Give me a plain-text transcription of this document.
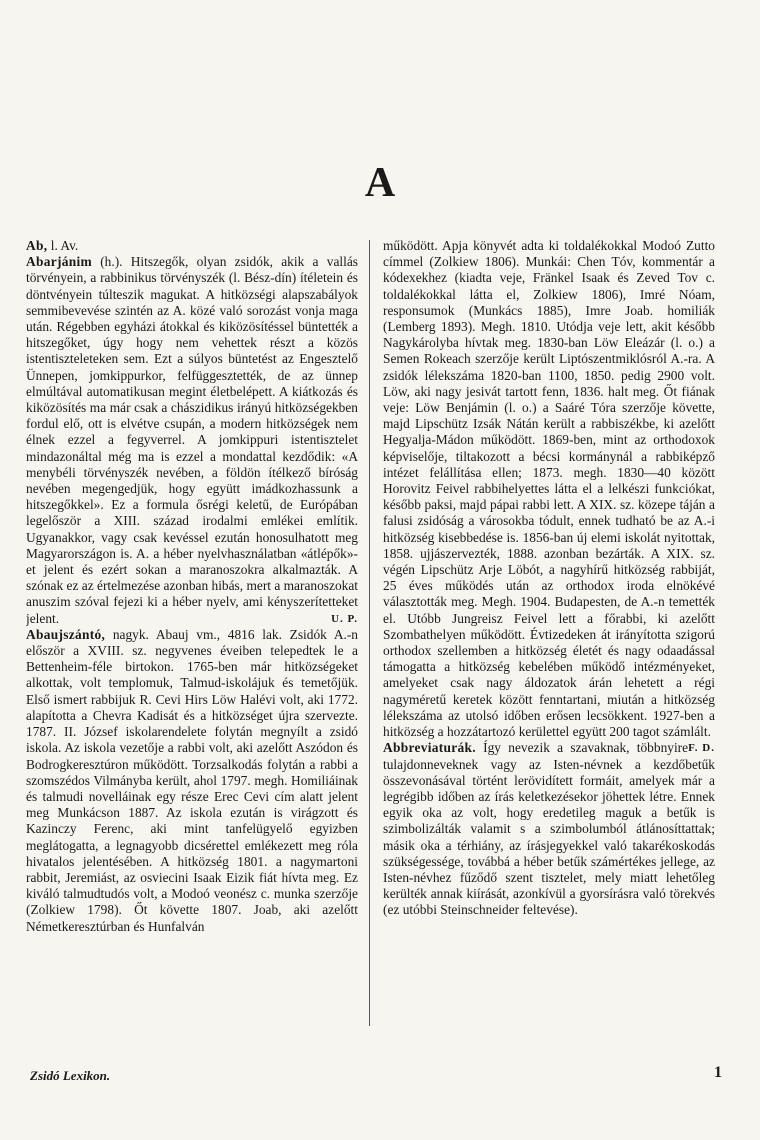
A

Ab, l. Av.

Abarjánim (h.). Hitszegők, olyan zsidók, akik a vallás törvényein, a rabbinikus törvényszék (l. Bész-dín) ítéletein és döntvényein túlteszik magukat. A hitközségi alapszabályok semmibevevése szintén az A. közé való sorozást vonja maga után. Régebben egyházi átokkal és kiközösítéssel büntették a hitszegőket, úgy hogy nem vehettek részt a közös istentiszteleteken sem. Ezt a súlyos büntetést az Engesztelő Ünnepen, jomkippurkor, felfüggesztették, de az ünnep elmúltával automatikusan megint életbelépett. A kiátkozás és kiközösítés ma már csak a chászidikus irányú hitközségekben fordul elő, ott is elvétve csupán, a modern hitközségek nem élnek ezzel a fegyverrel. A jomkippuri istentisztelet mindazonáltal még ma is ezzel a mondattal kezdődik: «A menybéli törvényszék nevében, a földön ítélkező bíróság nevében megengedjük, hogy együtt imádkozhassunk a hitszegőkkel». Ez a formula ősrégi keletű, de Európában legelőször a XIII. század irodalmi emlékei említik. Ugyanakkor, vagy csak kevéssel ezután honosulhatott meg Magyarországon is. A. a héber nyelvhasználatban «átlépők»-et jelent és ezért sokan a maranoszokra alkalmazták. A szónak ez az értelmezése azonban hibás, mert a maranoszokat anuszim szóval fejezi ki a héber nyelv, ami kényszerítetteket jelent.	U. P.

Abaujszántó, nagyk. Abauj vm., 4816 lak. Zsidók A.-n először a XVIII. sz. negyvenes éveiben telepedtek le a Bettenheim-féle birtokon. 1765-ben már hitközségeket alkottak, volt templomuk, Talmud-iskolájuk és temetőjük. Első ismert rabbijuk R. Cevi Hirs Löw Halévi volt, aki 1772. alapította a Chevra Kadisát és a hitközséget újra szervezte. 1787. II. József iskolarendelete folytán megnyílt a zsidó iskola. Az iskola vezetője a rabbi volt, aki azelőtt Aszódon és Bodrogkeresztúron működött. Torzsalkodás folytán a rabbi a szomszédos Vilmányba került, ahol 1797. megh. Homiliáinak és talmudi novelláinak egy része Erec Cevi cím alatt jelent meg Munkácson 1887. Az iskola ezután is virágzott és Kazinczy Ferenc, aki mint tanfelügyelő egyizben meglátogatta, a legnagyobb dicsérettel emlékezett meg róla hivatalos jelentésében. A hitközség 1801. a nagymartoni rabbit, Jeremiást, az osviecini Isaak Eizik fiát hívta meg. Ez kiváló talmudtudós volt, a Modoó veonész c. munka szerzője (Zolkiew 1798). Őt követte 1807. Joab, aki azelőtt Németkeresztúrban és Hunfalván

működött. Apja könyvét adta ki toldalékokkal Modoó Zutto címmel (Zolkiew 1806). Munkái: Chen Tóv, kommentár a kódexekhez (kiadta veje, Fränkel Isaak és Zeved Tov c. toldalékokkal látta el, Zolkiew 1806), Imré Nóam, responsumok (Munkács 1885), Imre Joab. homiliák (Lemberg 1893). Megh. 1810. Utódja veje lett, akit később Nagykárolyba hívtak meg. 1830-ban Löw Eleázár (l. o.) a Semen Rokeach szerzője került Liptószentmiklósról A.-ra. A zsidók lélekszáma 1820-ban 1100, 1850. pedig 2900 volt. Löw, aki nagy jesivát tartott fenn, 1836. halt meg. Őt fiának veje: Löw Benjámin (l. o.) a Saáré Tóra szerzője követte, majd Lipschütz Izsák Nátán került a rabbiszékbe, ki azelőtt Hegyalja-Mádon működött. 1869-ben, mint az orthodoxok képviselője, tiltakozott a bécsi kormánynál a rabbiképző intézet felállítása ellen; 1873. megh. 1830—40 között Horovitz Feivel rabbihelyettes látta el a lelkészi funkciókat, később paksi, majd pápai rabbi lett. A XIX. sz. közepe táján a falusi zsidóság a városokba tódult, ennek tudható be az A.-i hitközség kisebbedése is. 1856-ban új elemi iskolát nyitottak, 1858. ujjászervezték, 1888. azonban bezárták. A XIX. sz. végén Lipschütz Arje Löbót, a nagyhírű hitközség rabbiját, 25 éves működés után az orthodox iroda elnökévé választották meg. Megh. 1904. Budapesten, de A.-n temették el. Utóbb Jungreisz Feivel lett a főrabbi, ki azelőtt Szombathelyen működött. Évtizedeken át irányította szigorú orthodox szellemben a hitközség életét és nagy odaadással támogatta a hitközség kebelében működő intézményeket, amelyeket csak nagy áldozatok árán lehetett a régi nagyméretű keretek között fenntartani, miután a hitközség lélekszáma az utolsó időben erősen lecsökkent. 1927-ben a hitközség a hozzátartozó kerülettel együtt 200 tagot számlált.
F. D.

Abbreviaturák. Így nevezik a szavaknak, többnyire tulajdonneveknek vagy az Isten-névnek a kezdőbetűk összevonásával történt lerövidített formáit, amelyek már a legrégibb időben az írás keletkezésekor jöhettek létre. Ennek egyik oka az volt, hogy eredetileg maguk a betűk is szimbolizálták valamit s a szimbolumból átlánosíttattak; másik oka a térhiány, az írásjegyekkel való takarékoskodás szükségessége, továbbá a héber betűk számértékes jellege, az Isten-névhez fűződő szent tisztelet, mely miatt lehetőleg kerülték annak kiírását, azonkívül a gyorsírásra való törekvés (ez utóbbi Steinschneider feltevése).

Zsidó Lexikon.	1
